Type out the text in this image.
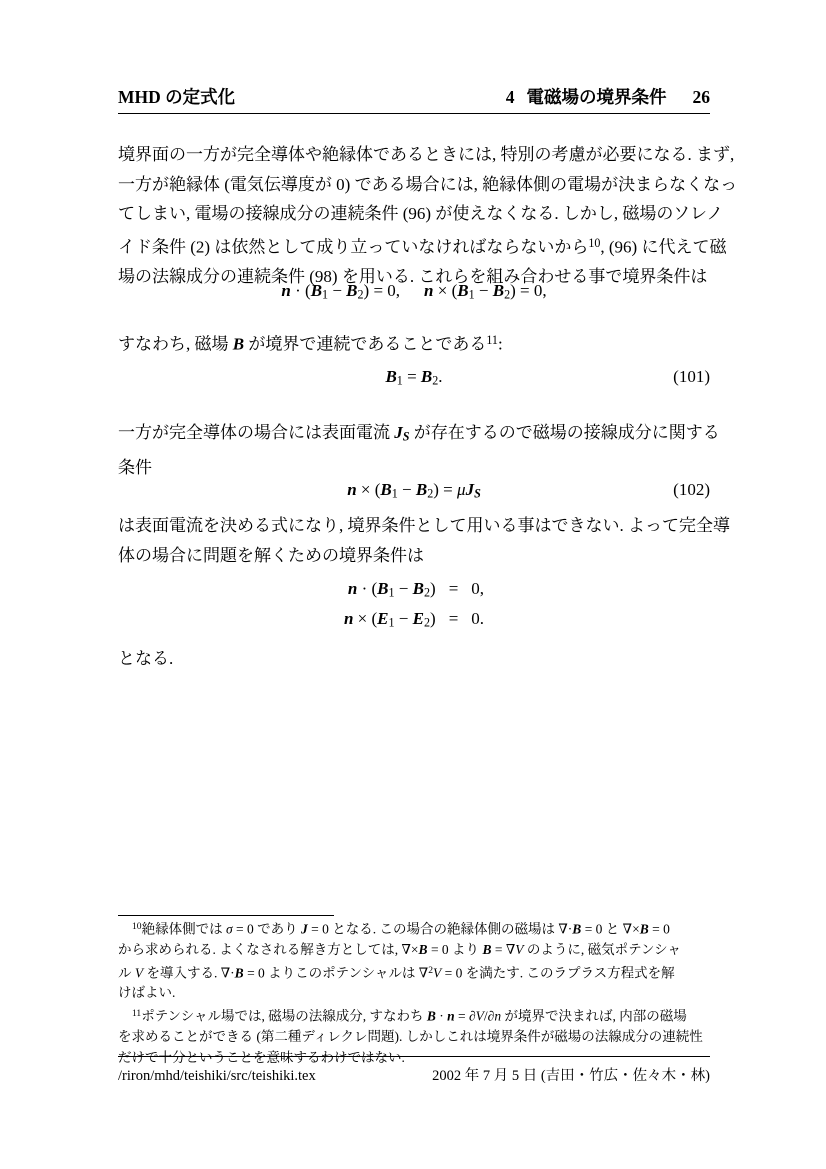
MHD の定式化	4 電磁場の境界条件 26
境界面の一方が完全導体や絶縁体であるときには, 特別の考慮が必要になる. まず,
一方が絶縁体 (電気伝導度が 0) である場合には, 絶縁体側の電場が決まらなくなっ
てしまい, 電場の接線成分の連続条件 (96) が使えなくなる. しかし, 磁場のソレノ
イド条件 (2) は依然として成り立っていなければならないから$^{10}$, (96) に代えて磁
場の法線成分の連続条件 (98) を用いる. これらを組み合わせる事で境界条件は
n · (B1 − B2) = 0, n × (B1 − B2) = 0,
すなわち, 磁場 B が境界で連続であることである$^{11}$:
B1 = B2.	(101)
一方が完全導体の場合には表面電流 JS が存在するので磁場の接線成分に関する
条件
n × (B1 − B2) = μJS	(102)
は表面電流を決める式になり, 境界条件として用いる事はできない. よって完全導
体の場合に問題を解くための境界条件は
n · (B1 − B2)	=	0,
n × (E1 − E2)	=	0.
となる.
$^{10}$絶縁体側では σ = 0 であり J = 0 となる. この場合の絶縁体側の磁場は ∇·B = 0 と ∇×B = 0
から求められる. よくなされる解き方としては, ∇×B = 0 より B = ∇V のように, 磁気ポテンシャ
ル V を導入する. ∇·B = 0 よりこのポテンシャルは ∇$^2$V = 0 を満たす. このラプラス方程式を解
けばよい.
$^{11}$ポテンシャル場では, 磁場の法線成分, すなわち B · n = ∂V/∂n が境界で決まれば, 内部の磁場
を求めることができる (第二種ディレクレ問題). しかしこれは境界条件が磁場の法線成分の連続性
だけで十分ということを意味するわけではない.
/riron/mhd/teishiki/src/teishiki.tex	2002 年 7 月 5 日 (吉田・竹広・佐々木・林)
